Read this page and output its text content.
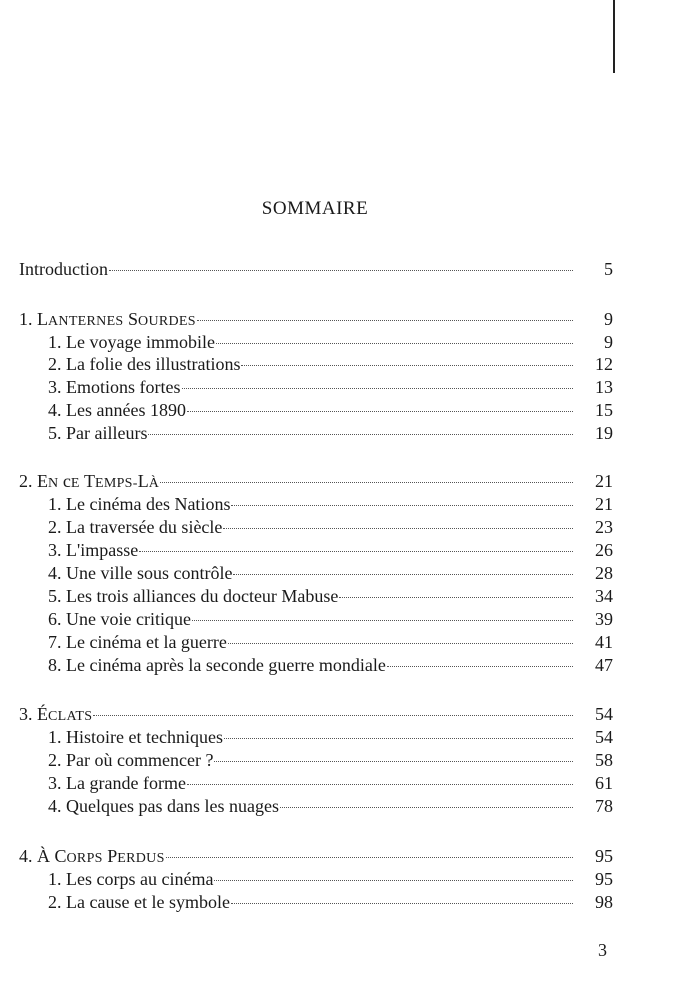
SOMMAIRE
Introduction	5
1. LANTERNES SOURDES	9
1. Le voyage immobile	9
2. La folie des illustrations	12
3. Emotions fortes	13
4. Les années 1890	15
5. Par ailleurs	19
2. EN cE TEMPS-LÀ	21
1. Le cinéma des Nations	21
2. La traversée du siècle	23
3. L'impasse	26
4. Une ville sous contrôle	28
5. Les trois alliances du docteur Mabuse	34
6. Une voie critique	39
7. Le cinéma et la guerre	41
8. Le cinéma après la seconde guerre mondiale	47
3. ÉCLATS	54
1. Histoire et techniques	54
2. Par où commencer ?	58
3. La grande forme	61
4. Quelques pas dans les nuages	78
4. À CORPS PERDUS	95
1. Les corps au cinéma	95
2. La cause et le symbole	98
3
